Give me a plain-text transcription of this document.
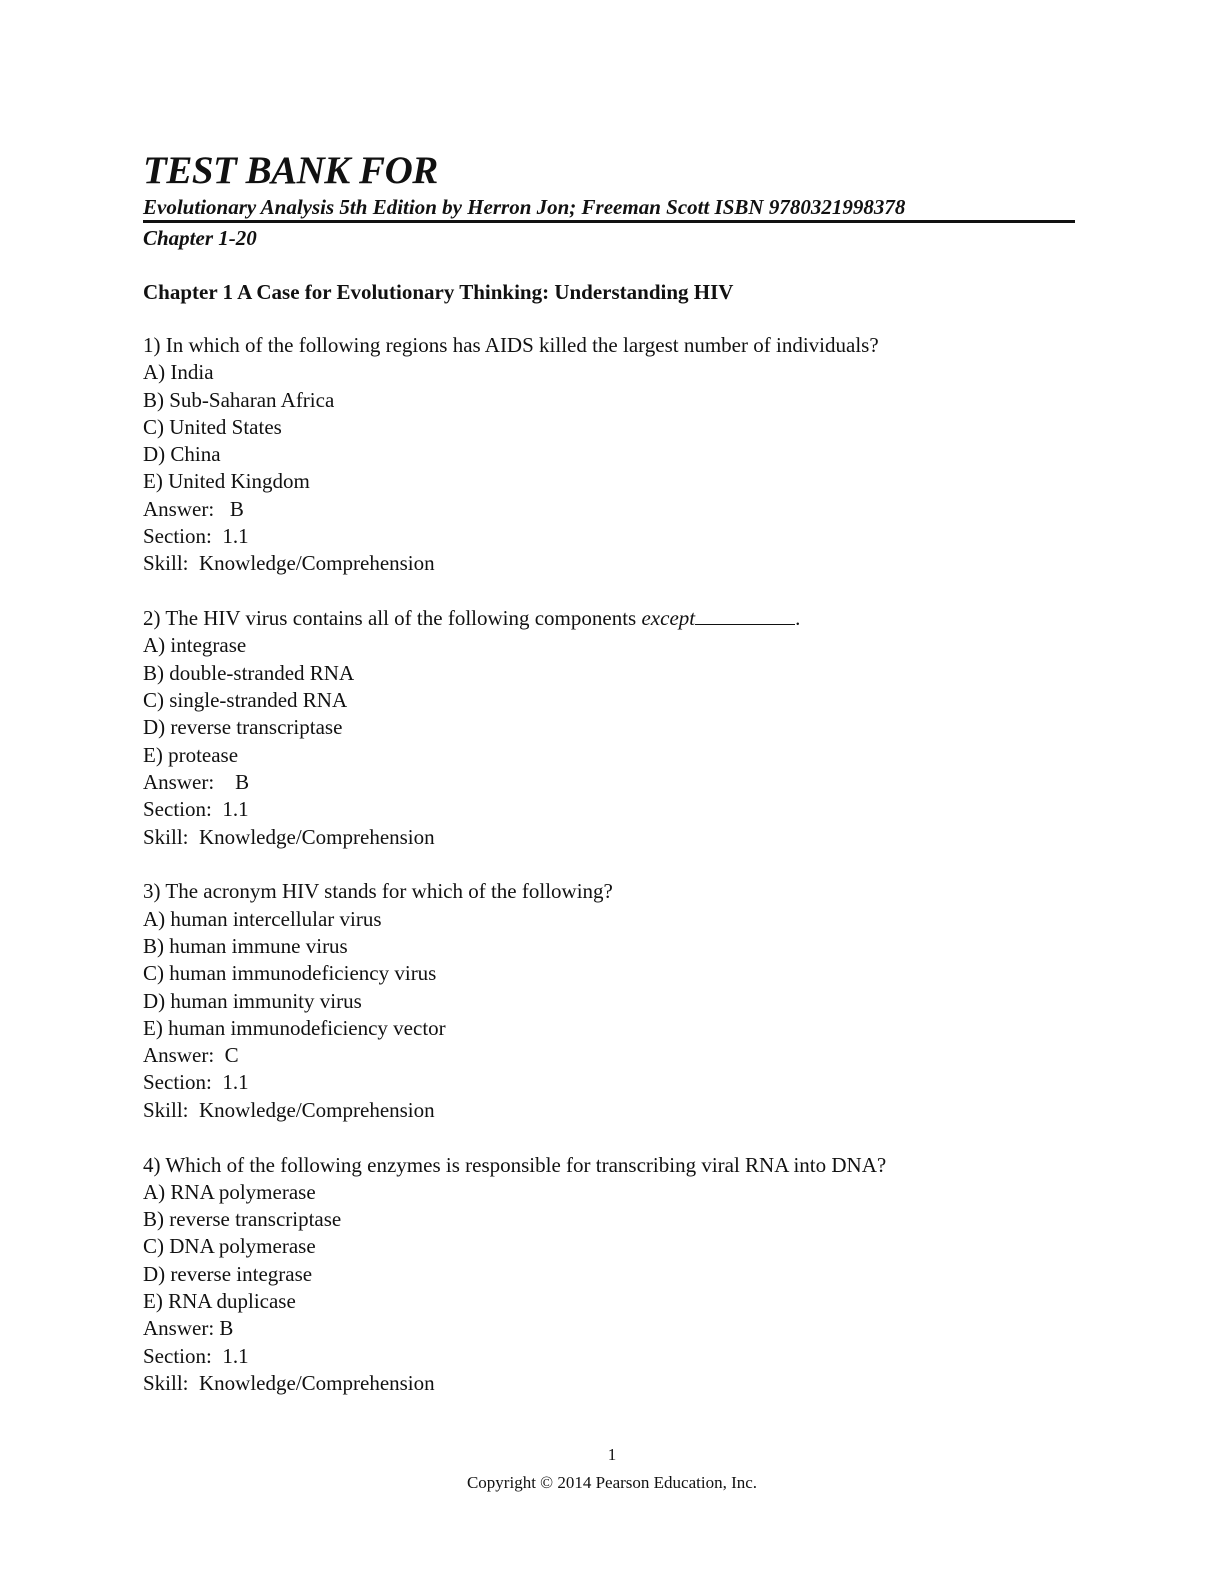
TEST BANK FOR
Evolutionary Analysis 5th Edition by Herron Jon; Freeman Scott ISBN 9780321998378
Chapter 1-20
Chapter 1 A Case for Evolutionary Thinking: Understanding HIV
1) In which of the following regions has AIDS killed the largest number of individuals?
A) India
B) Sub-Saharan Africa
C) United States
D) China
E) United Kingdom
Answer:   B
Section:  1.1
Skill:  Knowledge/Comprehension
2) The HIV virus contains all of the following components except	.
A) integrase
B) double-stranded RNA
C) single-stranded RNA
D) reverse transcriptase
E) protease
Answer:    B
Section:  1.1
Skill:  Knowledge/Comprehension
3) The acronym HIV stands for which of the following?
A) human intercellular virus
B) human immune virus
C) human immunodeficiency virus
D) human immunity virus
E) human immunodeficiency vector
Answer:  C
Section:  1.1
Skill:  Knowledge/Comprehension
4) Which of the following enzymes is responsible for transcribing viral RNA into DNA?
A) RNA polymerase
B) reverse transcriptase
C) DNA polymerase
D) reverse integrase
E) RNA duplicase
Answer: B
Section:  1.1
Skill:  Knowledge/Comprehension
1
Copyright © 2014 Pearson Education, Inc.
